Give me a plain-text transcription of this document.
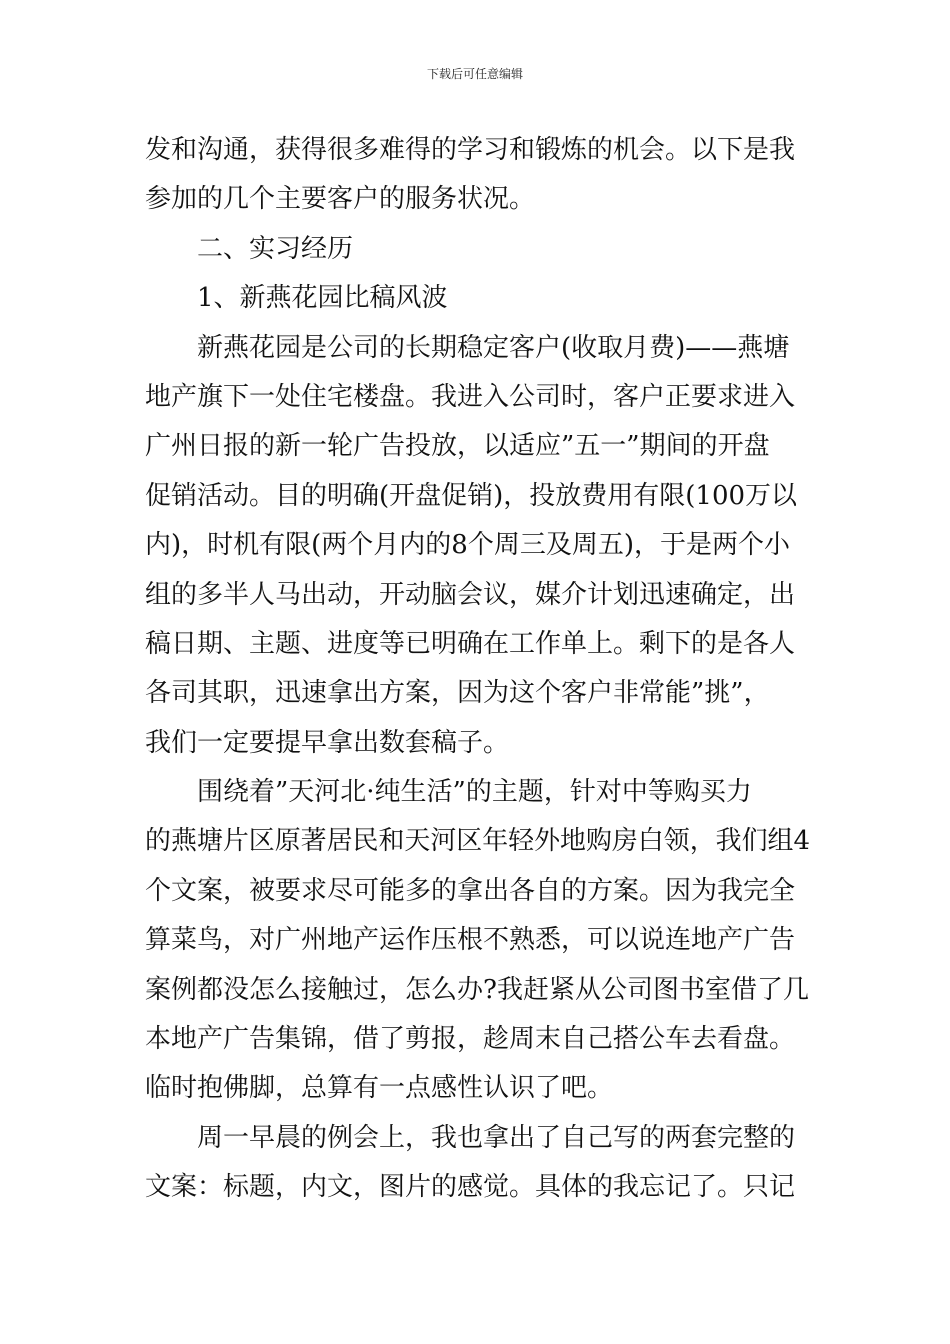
下载后可任意编辑
发和沟通，获得很多难得的学习和锻炼的机会。以下是我
参加的几个主要客户的服务状况。
二、实习经历
1、新燕花园比稿风波
新燕花园是公司的长期稳定客户(收取月费)——燕塘
地产旗下一处住宅楼盘。我进入公司时，客户正要求进入
广州日报的新一轮广告投放，以适应”五一”期间的开盘
促销活动。目的明确(开盘促销)，投放费用有限(100万以
内)，时机有限(两个月内的8个周三及周五)，于是两个小
组的多半人马出动，开动脑会议，媒介计划迅速确定，出
稿日期、主题、进度等已明确在工作单上。剩下的是各人
各司其职，迅速拿出方案，因为这个客户非常能”挑”，
我们一定要提早拿出数套稿子。
围绕着”天河北·纯生活”的主题，针对中等购买力
的燕塘片区原著居民和天河区年轻外地购房白领，我们组4
个文案，被要求尽可能多的拿出各自的方案。因为我完全
算菜鸟，对广州地产运作压根不熟悉，可以说连地产广告
案例都没怎么接触过，怎么办?我赶紧从公司图书室借了几
本地产广告集锦，借了剪报，趁周末自己搭公车去看盘。
临时抱佛脚，总算有一点感性认识了吧。
周一早晨的例会上，我也拿出了自己写的两套完整的
文案：标题，内文，图片的感觉。具体的我忘记了。只记
